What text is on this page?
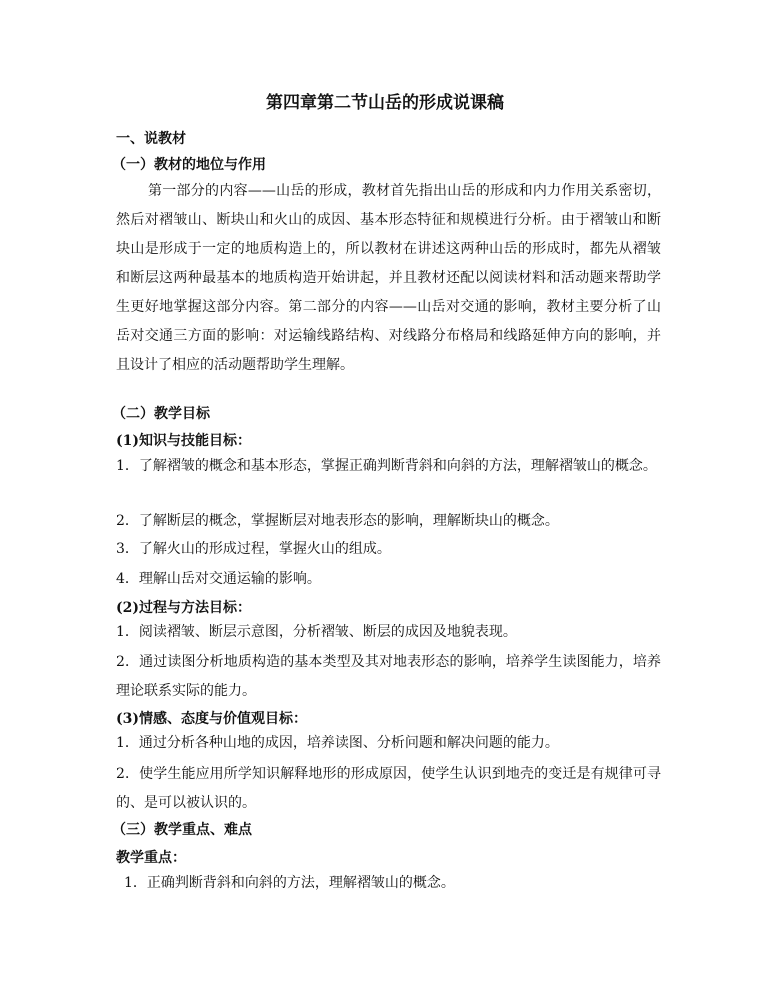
第四章第二节山岳的形成说课稿
一、说教材
（一）教材的地位与作用
第一部分的内容——山岳的形成，教材首先指出山岳的形成和内力作用关系密切，然后对褶皱山、断块山和火山的成因、基本形态特征和规模进行分析。由于褶皱山和断块山是形成于一定的地质构造上的，所以教材在讲述这两种山岳的形成时，都先从褶皱和断层这两种最基本的地质构造开始讲起，并且教材还配以阅读材料和活动题来帮助学生更好地掌握这部分内容。第二部分的内容——山岳对交通的影响，教材主要分析了山岳对交通三方面的影响：对运输线路结构、对线路分布格局和线路延伸方向的影响，并且设计了相应的活动题帮助学生理解。
（二）教学目标
(1)知识与技能目标：
1．了解褶皱的概念和基本形态，掌握正确判断背斜和向斜的方法，理解褶皱山的概念。
2．了解断层的概念，掌握断层对地表形态的影响，理解断块山的概念。
3．了解火山的形成过程，掌握火山的组成。
4．理解山岳对交通运输的影响。
(2)过程与方法目标：
1．阅读褶皱、断层示意图，分析褶皱、断层的成因及地貌表现。
2．通过读图分析地质构造的基本类型及其对地表形态的影响，培养学生读图能力，培养理论联系实际的能力。
(3)情感、态度与价值观目标：
1．通过分析各种山地的成因，培养读图、分析问题和解决问题的能力。
2．使学生能应用所学知识解释地形的形成原因，使学生认识到地壳的变迁是有规律可寻的、是可以被认识的。
（三）教学重点、难点
教学重点：
1．正确判断背斜和向斜的方法，理解褶皱山的概念。
